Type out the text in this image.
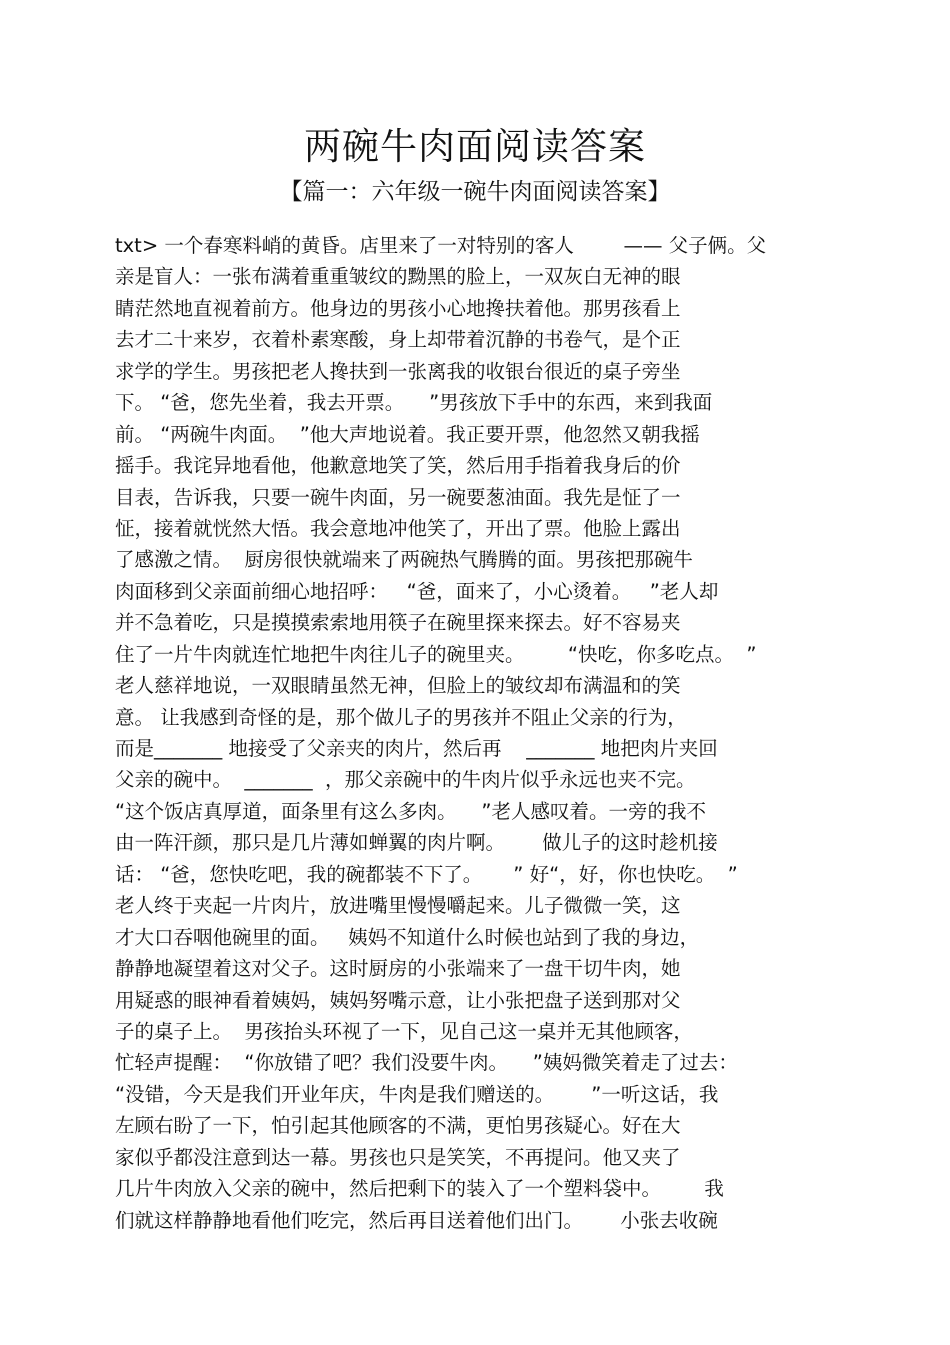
两碗牛肉面阅读答案
【篇一：六年级一碗牛肉面阅读答案】
txt> 一个春寒料峭的黄昏。店里来了一对特别的客人        —— 父子俩。父
亲是盲人：一张布满着重重皱纹的黝黑的脸上，一双灰白无神的眼
睛茫然地直视着前方。他身边的男孩小心地搀扶着他。那男孩看上
去才二十来岁，衣着朴素寒酸，身上却带着沉静的书卷气，是个正
求学的学生。男孩把老人搀扶到一张离我的收银台很近的桌子旁坐
下。 “爸，您先坐着，我去开票。    ”男孩放下手中的东西，来到我面
前。 “两碗牛肉面。  ”他大声地说着。我正要开票，他忽然又朝我摇
摇手。我诧异地看他，他歉意地笑了笑，然后用手指着我身后的价
目表，告诉我，只要一碗牛肉面，另一碗要葱油面。我先是怔了一
怔，接着就恍然大悟。我会意地冲他笑了，开出了票。他脸上露出
了感激之情。  厨房很快就端来了两碗热气腾腾的面。男孩把那碗牛
肉面移到父亲面前细心地招呼：   “爸，面来了，小心烫着。   ”老人却
并不急着吃，只是摸摸索索地用筷子在碗里探来探去。好不容易夹
住了一片牛肉就连忙地把牛肉往儿子的碗里夹。       “快吃，你多吃点。  ”
老人慈祥地说，一双眼睛虽然无神，但脸上的皱纹却布满温和的笑
意。 让我感到奇怪的是，那个做儿子的男孩并不阻止父亲的行为，
而是_______ 地接受了父亲夹的肉片，然后再    _______ 地把肉片夹回
父亲的碗中。  _______  ，那父亲碗中的牛肉片似乎永远也夹不完。
“这个饭店真厚道，面条里有这么多肉。    ”老人感叹着。一旁的我不
由一阵汗颜，那只是几片薄如蝉翼的肉片啊。      做儿子的这时趁机接
话： “爸，您快吃吧，我的碗都装不下了。     ” 好“，好，你也快吃。  ”
老人终于夹起一片肉片，放进嘴里慢慢嚼起来。儿子微微一笑，这
才大口吞咽他碗里的面。   姨妈不知道什么时候也站到了我的身边，
静静地凝望着这对父子。这时厨房的小张端来了一盘干切牛肉，她
用疑惑的眼神看着姨妈，姨妈努嘴示意，让小张把盘子送到那对父
子的桌子上。  男孩抬头环视了一下，见自己这一桌并无其他顾客，
忙轻声提醒：  “你放错了吧？我们没要牛肉。    ”姨妈微笑着走了过去：
“没错，今天是我们开业年庆，牛肉是我们赠送的。      ”一听这话，我
左顾右盼了一下，怕引起其他顾客的不满，更怕男孩疑心。好在大
家似乎都没注意到达一幕。男孩也只是笑笑，不再提问。他又夹了
几片牛肉放入父亲的碗中，然后把剩下的装入了一个塑料袋中。       我
们就这样静静地看他们吃完，然后再目送着他们出门。      小张去收碗
